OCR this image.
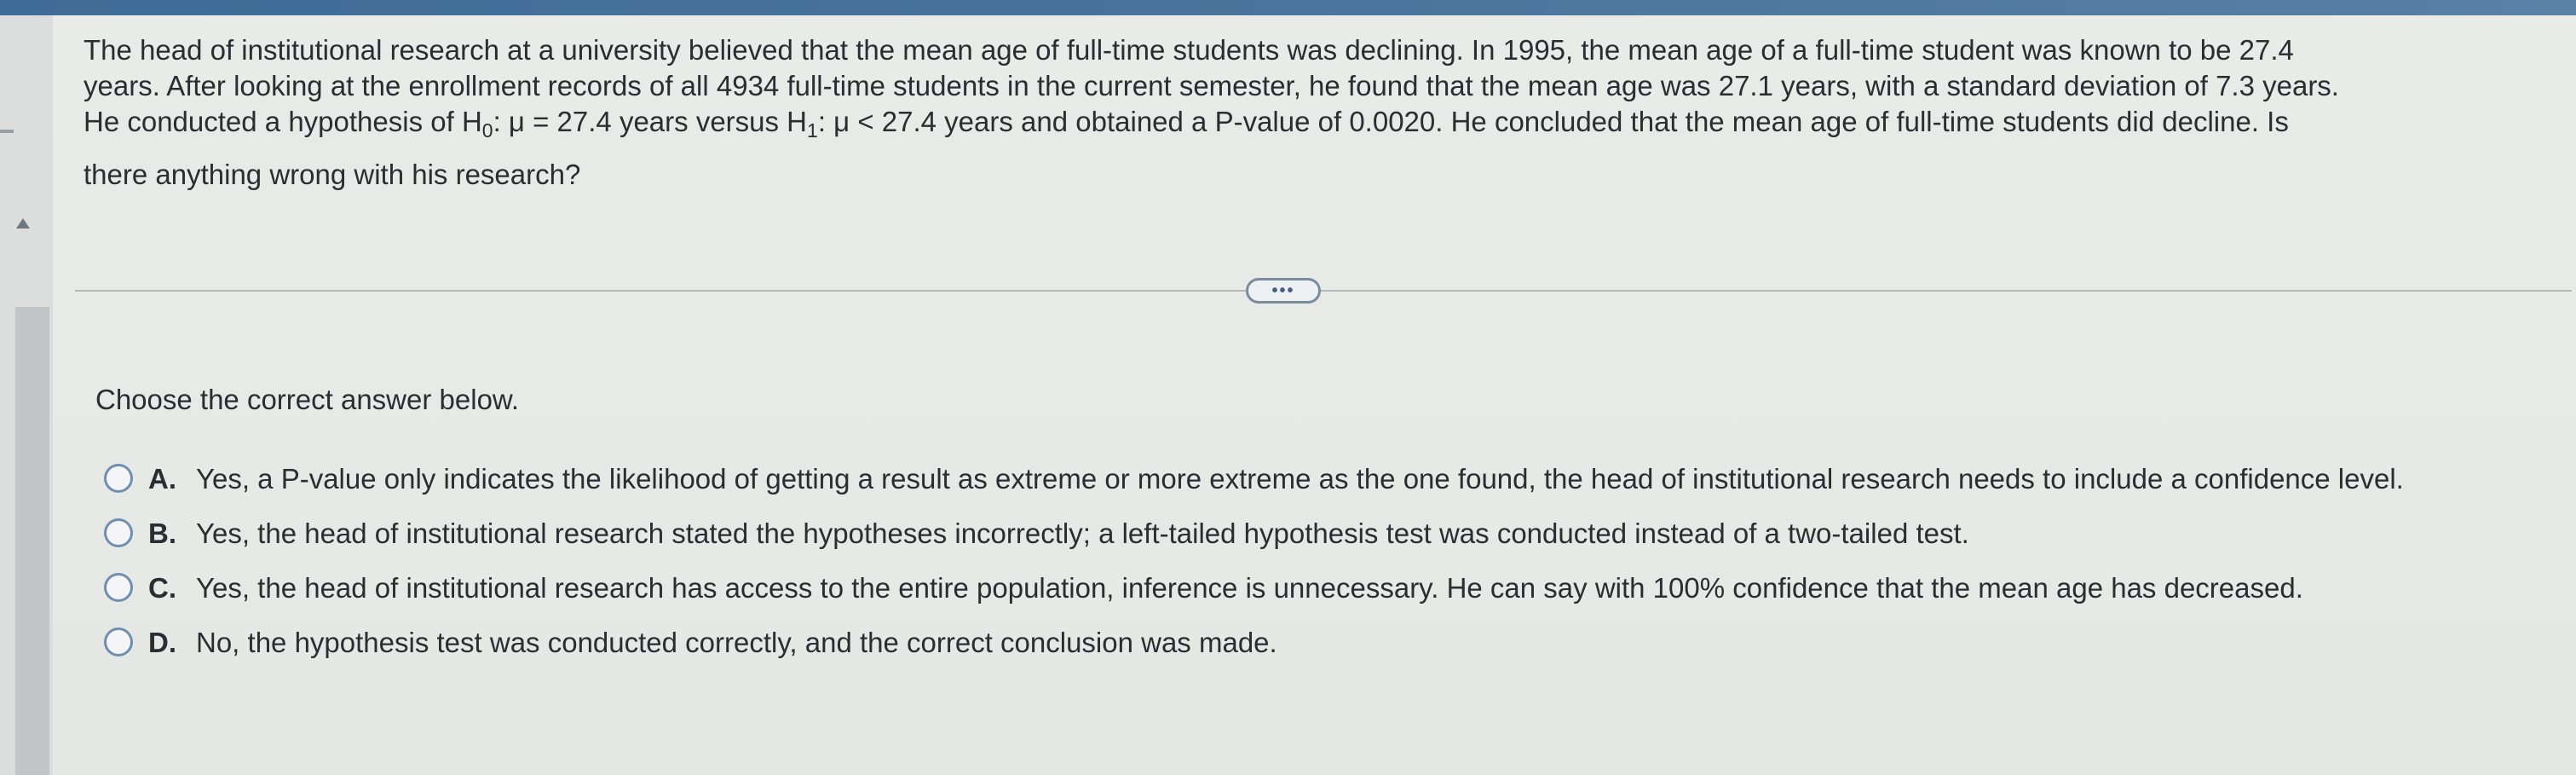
The head of institutional research at a university believed that the mean age of full-time students was declining. In 1995, the mean age of a full-time student was known to be 27.4
years. After looking at the enrollment records of all 4934 full-time students in the current semester, he found that the mean age was 27.1 years, with a standard deviation of 7.3 years.
He conducted a hypothesis of $H_0$: μ = 27.4 years versus $H_1$: μ < 27.4 years and obtained a P-value of 0.0020. He concluded that the mean age of full-time students did decline. Is
there anything wrong with his research?
•••
Choose the correct answer below.
A. Yes, a P-value only indicates the likelihood of getting a result as extreme or more extreme as the one found, the head of institutional research needs to include a confidence level.
B. Yes, the head of institutional research stated the hypotheses incorrectly; a left-tailed hypothesis test was conducted instead of a two-tailed test.
C. Yes, the head of institutional research has access to the entire population, inference is unnecessary. He can say with 100% confidence that the mean age has decreased.
D. No, the hypothesis test was conducted correctly, and the correct conclusion was made.
